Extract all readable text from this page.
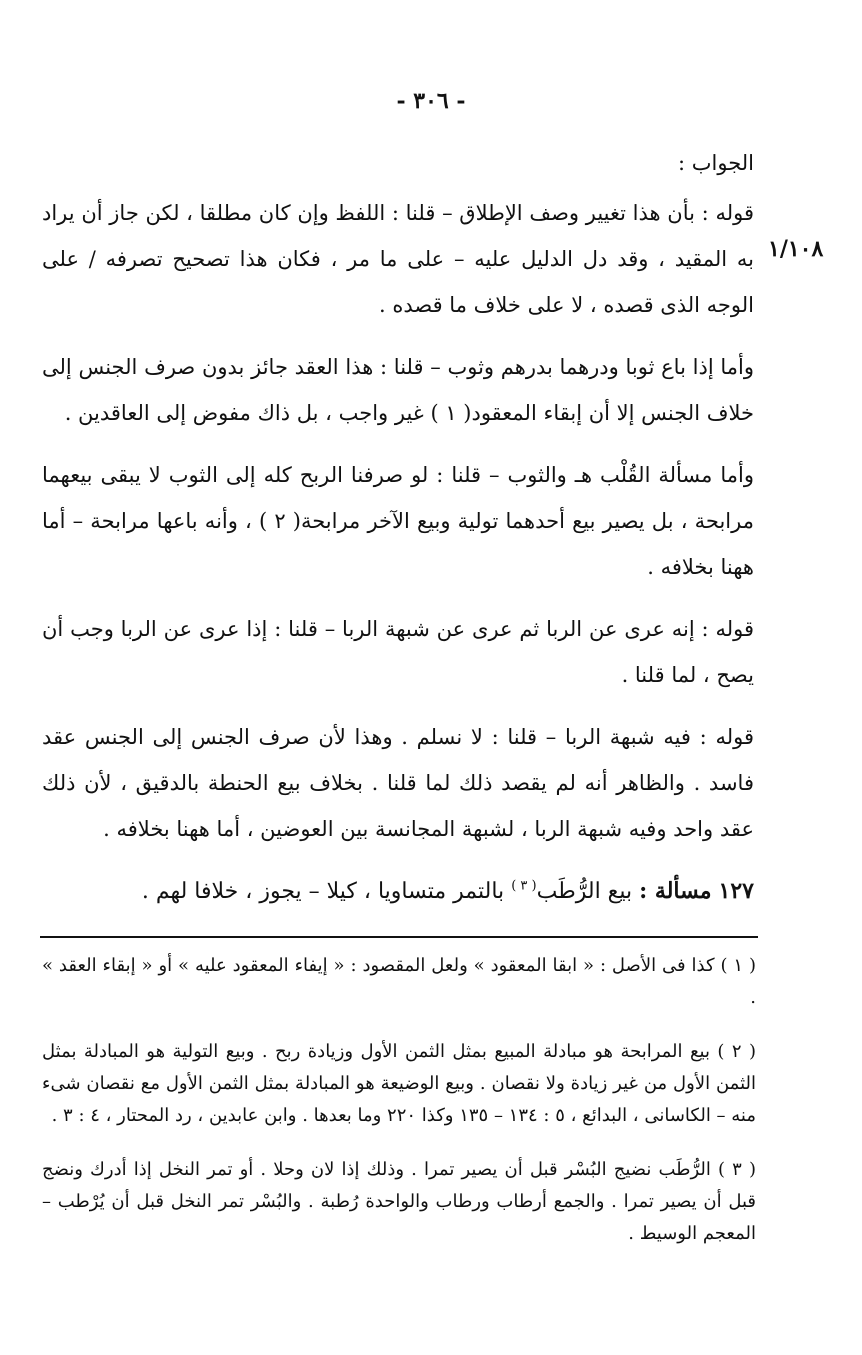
- ٣٠٦ -
١/١٠٨

الجواب :

قوله : بأن هذا تغيير وصف الإطلاق – قلنا : اللفظ وإن كان مطلقا ، لكن جاز أن يراد به المقيد ، وقد دل الدليل عليه – على ما مر ، فكان هذا تصحيح تصرفه / على الوجه الذى قصده ، لا على خلاف ما قصده .

وأما إذا باع ثوبا ودرهما بدرهم وثوب – قلنا : هذا العقد جائز بدون صرف الجنس إلى خلاف الجنس إلا أن إبقاء المعقود( ١ ) غير واجب ، بل ذاك مفوض إلى العاقدين .

وأما مسألة القُلْب هـ والثوب – قلنا : لو صرفنا الربح كله إلى الثوب لا يبقى بيعهما مرابحة ، بل يصير بيع أحدهما تولية وبيع الآخر مرابحة( ٢ ) ، وأنه باعها مرابحة – أما ههنا بخلافه .

قوله : إنه عرى عن الربا ثم عرى عن شبهة الربا – قلنا : إذا عرى عن الربا وجب أن يصح ، لما قلنا .

قوله : فيه شبهة الربا – قلنا : لا نسلم . وهذا لأن صرف الجنس إلى الجنس عقد فاسد . والظاهر أنه لم يقصد ذلك لما قلنا . بخلاف بيع الحنطة بالدقيق ، لأن ذلك عقد واحد وفيه شبهة الربا ، لشبهة المجانسة بين العوضين ، أما ههنا بخلافه .

١٢٧ مسألة : بيع الرُّطَب$^{( ٣ )}$ بالتمر متساويا ، كيلا – يجوز ، خلافا لهم .

( ١ ) كذا فى الأصل : « ابقا المعقود » ولعل المقصود : « إيفاء المعقود عليه » أو « إبقاء العقد » .

( ٢ ) بيع المرابحة هو مبادلة المبيع بمثل الثمن الأول وزيادة ربح . وبيع التولية هو المبادلة بمثل الثمن الأول من غير زيادة ولا نقصان . وبيع الوضيعة هو المبادلة بمثل الثمن الأول مع نقصان شىء منه – الكاسانى ، البدائع ، ٥ : ١٣٤ – ١٣٥ وكذا ٢٢٠ وما بعدها . وابن عابدين ، رد المحتار ، ٤ : ٣ .

( ٣ ) الرُّطَب نضيج البُسْر قبل أن يصير تمرا . وذلك إذا لان وحلا . أو تمر النخل إذا أدرك ونضج قبل أن يصير تمرا . والجمع أرطاب ورطاب والواحدة رُطبة . والبُسْر تمر النخل قبل أن يُرْطب – المعجم الوسيط .
